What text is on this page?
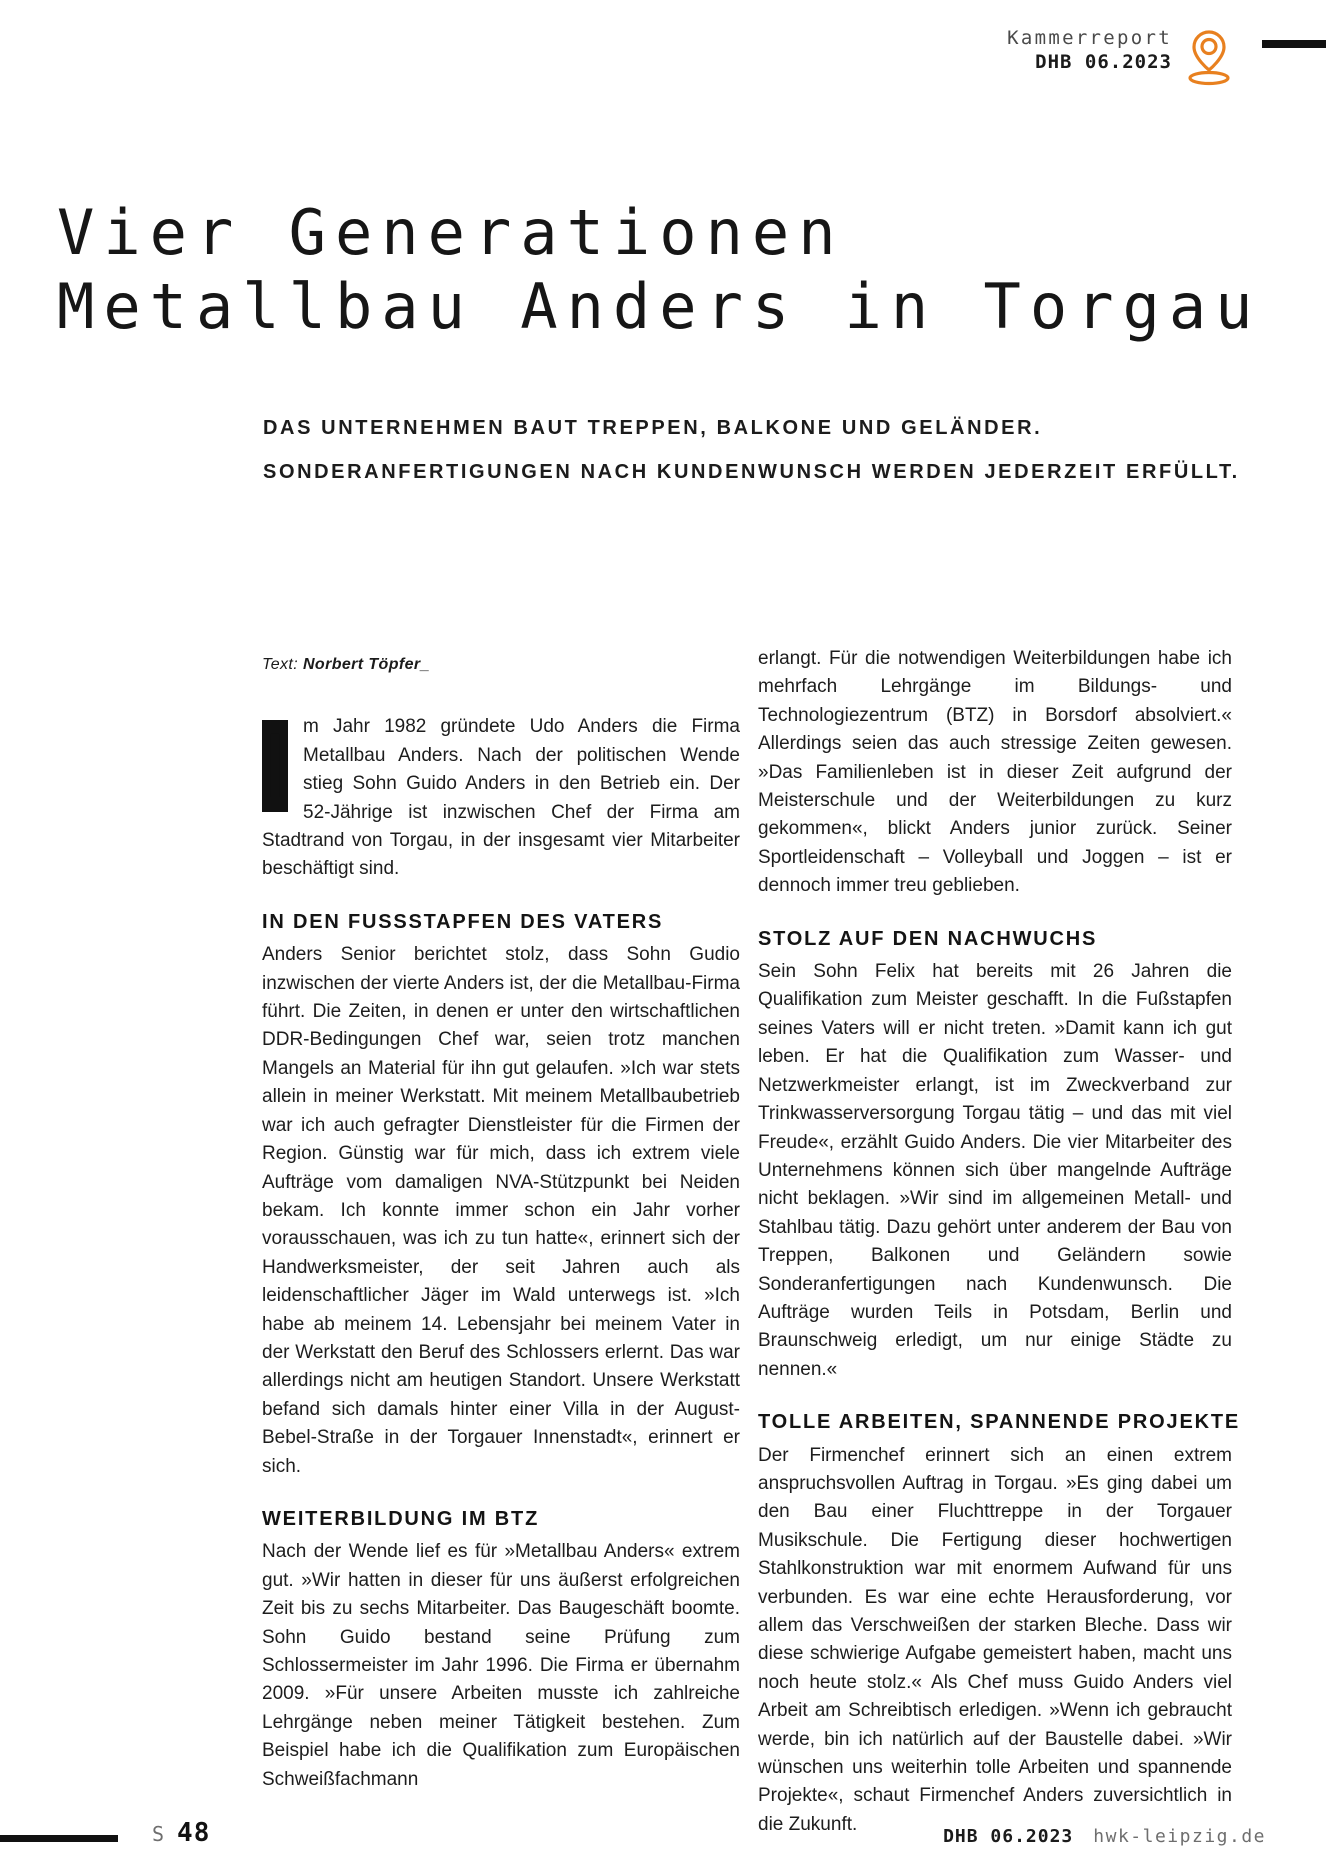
Kammerreport
DHB 06.2023
Vier Generationen
Metallbau Anders in Torgau
DAS UNTERNEHMEN BAUT TREPPEN, BALKONE UND GELÄNDER.
SONDERANFERTIGUNGEN NACH KUNDENWUNSCH WERDEN JEDERZEIT ERFÜLLT.
Text: Norbert Töpfer_

I m Jahr 1982 gründete Udo Anders die Firma Metallbau Anders. Nach der politischen Wende stieg Sohn Guido Anders in den Betrieb ein. Der 52-Jährige ist inzwischen Chef der Firma am Stadtrand von Torgau, in der insgesamt vier Mitarbeiter beschäftigt sind.

IN DEN FUSSSTAPFEN DES VATERS

Anders Senior berichtet stolz, dass Sohn Gudio inzwischen der vierte Anders ist, der die Metallbau-Firma führt. Die Zeiten, in denen er unter den wirtschaftlichen DDR-Bedingungen Chef war, seien trotz manchen Mangels an Material für ihn gut gelaufen. »Ich war stets allein in meiner Werkstatt. Mit meinem Metallbaubetrieb war ich auch gefragter Dienstleister für die Firmen der Region. Günstig war für mich, dass ich extrem viele Aufträge vom damaligen NVA-Stützpunkt bei Neiden bekam. Ich konnte immer schon ein Jahr vorher vorausschauen, was ich zu tun hatte«, erinnert sich der Handwerksmeister, der seit Jahren auch als leidenschaftlicher Jäger im Wald unterwegs ist. »Ich habe ab meinem 14. Lebensjahr bei meinem Vater in der Werkstatt den Beruf des Schlossers erlernt. Das war allerdings nicht am heutigen Standort. Unsere Werkstatt befand sich damals hinter einer Villa in der August-Bebel-Straße in der Torgauer Innenstadt«, erinnert er sich.

WEITERBILDUNG IM BTZ

Nach der Wende lief es für »Metallbau Anders« extrem gut. »Wir hatten in dieser für uns äußerst erfolgreichen Zeit bis zu sechs Mitarbeiter. Das Baugeschäft boomte. Sohn Guido bestand seine Prüfung zum Schlossermeister im Jahr 1996. Die Firma er übernahm 2009. »Für unsere Arbeiten musste ich zahlreiche Lehrgänge neben meiner Tätigkeit bestehen. Zum Beispiel habe ich die Qualifikation zum Europäischen Schweißfachmann

erlangt. Für die notwendigen Weiterbildungen habe ich mehrfach Lehrgänge im Bildungs- und Technologiezentrum (BTZ) in Borsdorf absolviert.« Allerdings seien das auch stressige Zeiten gewesen. »Das Familienleben ist in dieser Zeit aufgrund der Meisterschule und der Weiterbildungen zu kurz gekommen«, blickt Anders junior zurück. Seiner Sportleidenschaft – Volleyball und Joggen – ist er dennoch immer treu geblieben.

STOLZ AUF DEN NACHWUCHS

Sein Sohn Felix hat bereits mit 26 Jahren die Qualifikation zum Meister geschafft. In die Fußstapfen seines Vaters will er nicht treten. »Damit kann ich gut leben. Er hat die Qualifikation zum Wasser- und Netzwerkmeister erlangt, ist im Zweckverband zur Trinkwasserversorgung Torgau tätig – und das mit viel Freude«, erzählt Guido Anders. Die vier Mitarbeiter des Unternehmens können sich über mangelnde Aufträge nicht beklagen. »Wir sind im allgemeinen Metall- und Stahlbau tätig. Dazu gehört unter anderem der Bau von Treppen, Balkonen und Geländern sowie Sonderanfertigungen nach Kundenwunsch. Die Aufträge wurden Teils in Potsdam, Berlin und Braunschweig erledigt, um nur einige Städte zu nennen.«

TOLLE ARBEITEN, SPANNENDE PROJEKTE

Der Firmenchef erinnert sich an einen extrem anspruchsvollen Auftrag in Torgau. »Es ging dabei um den Bau einer Fluchttreppe in der Torgauer Musikschule. Die Fertigung dieser hochwertigen Stahlkonstruktion war mit enormem Aufwand für uns verbunden. Es war eine echte Herausforderung, vor allem das Verschweißen der starken Bleche. Dass wir diese schwierige Aufgabe gemeistert haben, macht uns noch heute stolz.« Als Chef muss Guido Anders viel Arbeit am Schreibtisch erledigen. »Wenn ich gebraucht werde, bin ich natürlich auf der Baustelle dabei. »Wir wünschen uns weiterhin tolle Arbeiten und spannende Projekte«, schaut Firmenchef Anders zuversichtlich in die Zukunft.

S 48	DHB 06.2023 hwk-leipzig.de
